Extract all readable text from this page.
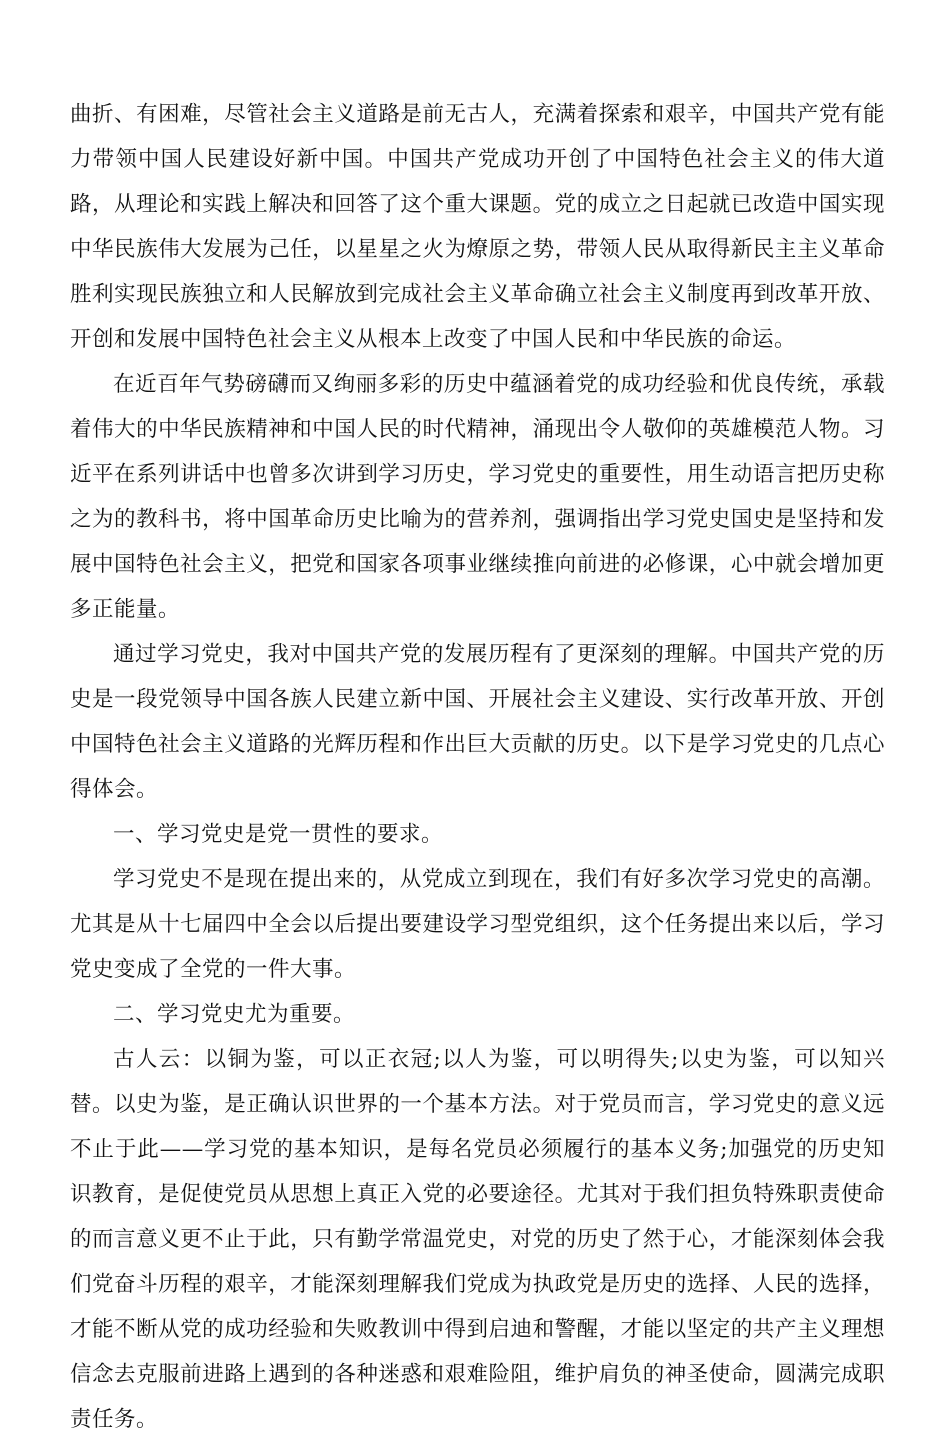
曲折、有困难，尽管社会主义道路是前无古人，充满着探索和艰辛，中国共产党有能力带领中国人民建设好新中国。中国共产党成功开创了中国特色社会主义的伟大道路，从理论和实践上解决和回答了这个重大课题。党的成立之日起就已改造中国实现中华民族伟大发展为己任，以星星之火为燎原之势，带领人民从取得新民主主义革命胜利实现民族独立和人民解放到完成社会主义革命确立社会主义制度再到改革开放、开创和发展中国特色社会主义从根本上改变了中国人民和中华民族的命运。

在近百年气势磅礴而又绚丽多彩的历史中蕴涵着党的成功经验和优良传统，承载着伟大的中华民族精神和中国人民的时代精神，涌现出令人敬仰的英雄模范人物。习近平在系列讲话中也曾多次讲到学习历史，学习党史的重要性，用生动语言把历史称之为的教科书，将中国革命历史比喻为的营养剂，强调指出学习党史国史是坚持和发展中国特色社会主义，把党和国家各项事业继续推向前进的必修课，心中就会增加更多正能量。

通过学习党史，我对中国共产党的发展历程有了更深刻的理解。中国共产党的历史是一段党领导中国各族人民建立新中国、开展社会主义建设、实行改革开放、开创中国特色社会主义道路的光辉历程和作出巨大贡献的历史。以下是学习党史的几点心得体会。

一、学习党史是党一贯性的要求。

学习党史不是现在提出来的，从党成立到现在，我们有好多次学习党史的高潮。尤其是从十七届四中全会以后提出要建设学习型党组织，这个任务提出来以后，学习党史变成了全党的一件大事。

二、学习党史尤为重要。

古人云：以铜为鉴，可以正衣冠;以人为鉴，可以明得失;以史为鉴，可以知兴替。以史为鉴，是正确认识世界的一个基本方法。对于党员而言，学习党史的意义远不止于此——学习党的基本知识，是每名党员必须履行的基本义务;加强党的历史知识教育，是促使党员从思想上真正入党的必要途径。尤其对于我们担负特殊职责使命的而言意义更不止于此，只有勤学常温党史，对党的历史了然于心，才能深刻体会我们党奋斗历程的艰辛，才能深刻理解我们党成为执政党是历史的选择、人民的选择，才能不断从党的成功经验和失败教训中得到启迪和警醒，才能以坚定的共产主义理想信念去克服前进路上遇到的各种迷惑和艰难险阻，维护肩负的神圣使命，圆满完成职责任务。
